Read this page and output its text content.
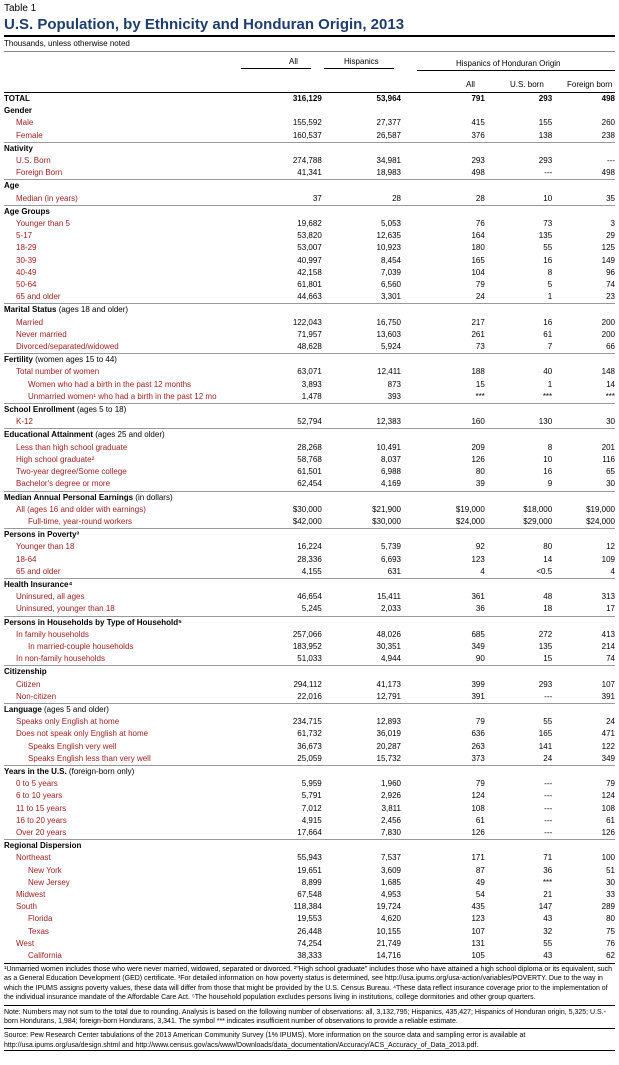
Table 1
U.S. Population, by Ethnicity and Honduran Origin, 2013
Thousands, unless otherwise noted
All	Hispanics	Hispanics of Honduran Origin
All	U.S. born	Foreign born
TOTAL	316,129	53,964	791	293	498
Gender					
Male	155,592	27,377	415	155	260
Female	160,537	26,587	376	138	238
Nativity					
U.S. Born	274,788	34,981	293	293	---
Foreign Born	41,341	18,983	498	---	498
Age					
Median (in years)	37	28	28	10	35
Age Groups					
Younger than 5	19,682	5,053	76	73	3
5-17	53,820	12,635	164	135	29
18-29	53,007	10,923	180	55	125
30-39	40,997	8,454	165	16	149
40-49	42,158	7,039	104	8	96
50-64	61,801	6,560	79	5	74
65 and older	44,663	3,301	24	1	23
Marital Status (ages 18 and older)					
Married	122,043	16,750	217	16	200
Never married	71,957	13,603	261	61	200
Divorced/separated/widowed	48,628	5,924	73	7	66
Fertility (women ages 15 to 44)					
Total number of women	63,071	12,411	188	40	148
Women who had a birth in the past 12 months	3,893	873	15	1	14
Unmarried women¹ who had a birth in the past 12 mo	1,478	393	***	***	***
School Enrollment (ages 5 to 18)					
K-12	52,794	12,383	160	130	30
Educational Attainment (ages 25 and older)					
Less than high school graduate	28,268	10,491	209	8	201
High school graduate²	58,768	8,037	126	10	116
Two-year degree/Some college	61,501	6,988	80	16	65
Bachelor's degree or more	62,454	4,169	39	9	30
Median Annual Personal Earnings (in dollars)					
All (ages 16 and older with earnings)	$30,000	$21,900	$19,000	$18,000	$19,000
Full-time, year-round workers	$42,000	$30,000	$24,000	$29,000	$24,000
Persons in Poverty³					
Younger than 18	16,224	5,739	92	80	12
18-64	28,336	6,693	123	14	109
65 and older	4,155	631	4	<0.5	4
Health Insurance⁴					
Uninsured, all ages	46,654	15,411	361	48	313
Uninsured, younger than 18	5,245	2,033	36	18	17
Persons in Households by Type of Household⁵					
In family households	257,066	48,026	685	272	413
In married-couple households	183,952	30,351	349	135	214
In non-family households	51,033	4,944	90	15	74
Citizenship					
Citizen	294,112	41,173	399	293	107
Non-citizen	22,016	12,791	391	---	391
Language (ages 5 and older)					
Speaks only English at home	234,715	12,893	79	55	24
Does not speak only English at home	61,732	36,019	636	165	471
Speaks English very well	36,673	20,287	263	141	122
Speaks English less than very well	25,059	15,732	373	24	349
Years in the U.S. (foreign-born only)					
0 to 5 years	5,959	1,960	79	---	79
6 to 10 years	5,791	2,926	124	---	124
11 to 15 years	7,012	3,811	108	---	108
16 to 20 years	4,915	2,456	61	---	61
Over 20 years	17,664	7,830	126	---	126
Regional Dispersion					
Northeast	55,943	7,537	171	71	100
New York	19,651	3,609	87	36	51
New Jersey	8,899	1,685	49	***	30
Midwest	67,548	4,953	54	21	33
South	118,384	19,724	435	147	289
Florida	19,553	4,620	123	43	80
Texas	26,448	10,155	107	32	75
West	74,254	21,749	131	55	76
California	38,333	14,716	105	43	62
¹Unmarried women includes those who were never married, widowed, separated or divorced. ²"High school graduate" includes those who have attained a high school diploma or its equivalent, such as a General Education Development (GED) certificate. ³For detailed information on how poverty status is determined, see http://usa.ipums.org/usa-action/variables/POVERTY. Due to the way in which the IPUMS assigns poverty values, these data will differ from those that might be provided by the U.S. Census Bureau. ⁴These data reflect insurance coverage prior to the implementation of the individual insurance mandate of the Affordable Care Act. ⁵The household population excludes persons living in institutions, college dormitories and other group quarters.
Note: Numbers may not sum to the total due to rounding. Analysis is based on the following number of observations: all, 3,132,795; Hispanics, 435,427; Hispanics of Honduran origin, 5,325; U.S.-born Hondurans, 1,984; foreign-born Hondurans, 3,341. The symbol *** indicates insufficient number of observations to provide a reliable estimate.
Source: Pew Research Center tabulations of the 2013 American Community Survey (1% IPUMS). More information on the source data and sampling error is available at http://usa.ipums.org/usa/design.shtml and http://www.census.gov/acs/www/Downloads/data_documentation/Accuracy/ACS_Accuracy_of_Data_2013.pdf.
